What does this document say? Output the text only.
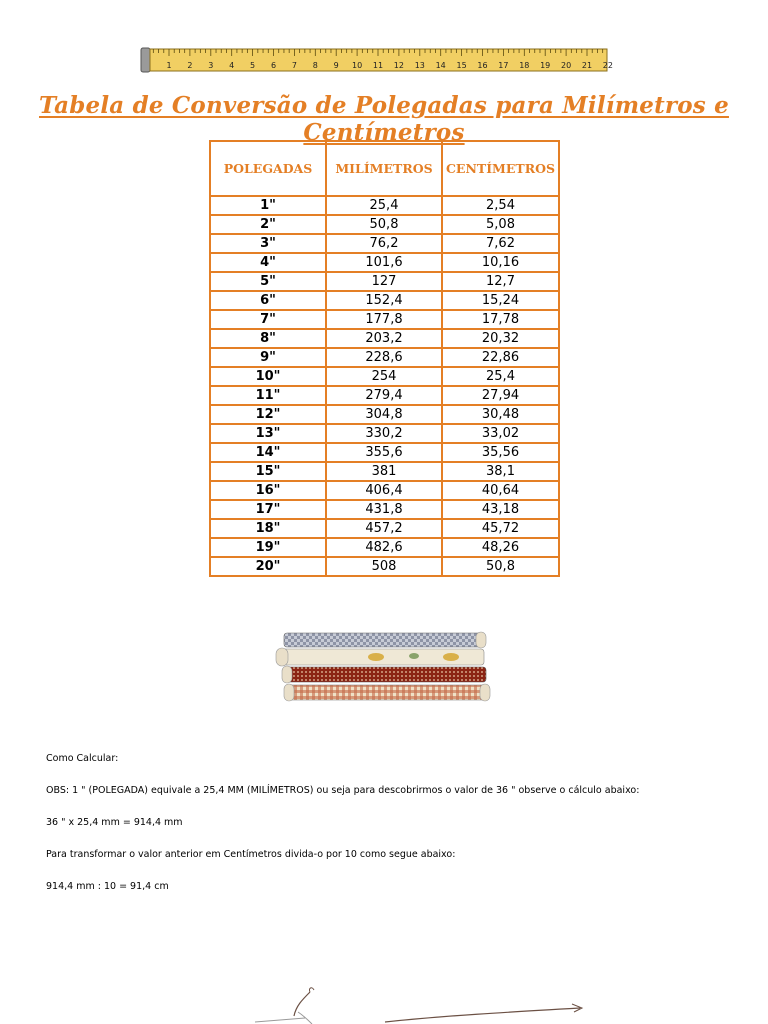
1 2 3 4 5 6 7 8 9 10 11 12 13 14 15 16 17 18 19 20 21 22
Tabela de Conversão de Polegadas para Milímetros e Centímetros
POLEGADAS	MILÍMETROS	CENTÍMETROS
1"	25,4	2,54
2"	50,8	5,08
3"	76,2	7,62
4"	101,6	10,16
5"	127	12,7
6"	152,4	15,24
7"	177,8	17,78
8"	203,2	20,32
9"	228,6	22,86
10"	254	25,4
11"	279,4	27,94
12"	304,8	30,48
13"	330,2	33,02
14"	355,6	35,56
15"	381	38,1
16"	406,4	40,64
17"	431,8	43,18
18"	457,2	45,72
19"	482,6	48,26
20"	508	50,8

Como Calcular:

OBS: 1 " (POLEGADA) equivale a 25,4 MM (MILÍMETROS) ou seja para descobrirmos o valor de 36 " observe o cálculo abaixo:

36 " x 25,4 mm = 914,4 mm

Para transformar o valor anterior em Centímetros divida-o por 10 como segue abaixo:

914,4 mm : 10 = 91,4 cm
